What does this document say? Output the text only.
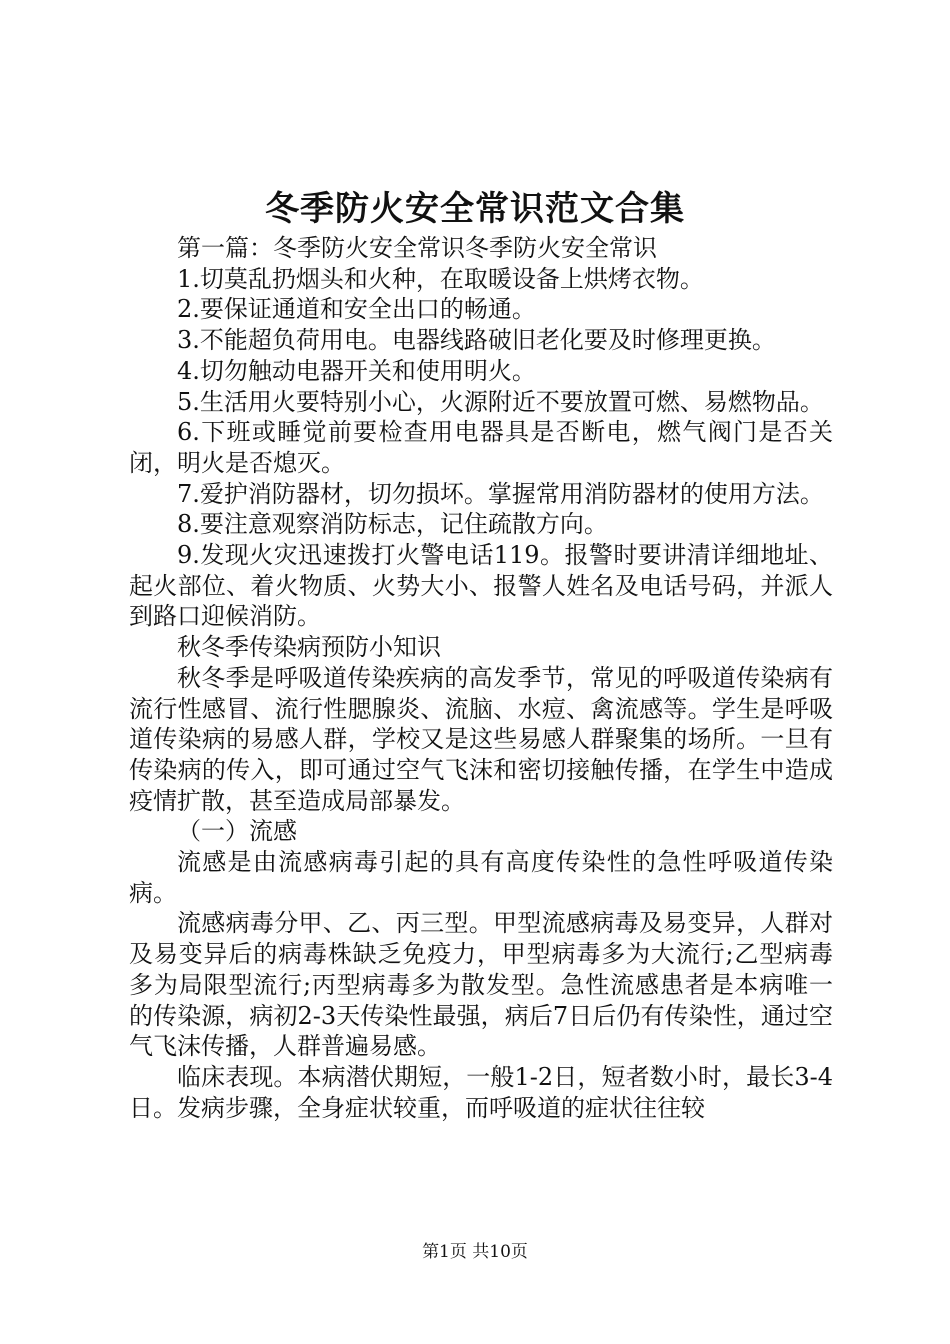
冬季防火安全常识范文合集

第一篇：冬季防火安全常识冬季防火安全常识

1.切莫乱扔烟头和火种，在取暖设备上烘烤衣物。

2.要保证通道和安全出口的畅通。

3.不能超负荷用电。电器线路破旧老化要及时修理更换。

4.切勿触动电器开关和使用明火。

5.生活用火要特别小心，火源附近不要放置可燃、易燃物品。

6.下班或睡觉前要检查用电器具是否断电，燃气阀门是否关闭，明火是否熄灭。

7.爱护消防器材，切勿损坏。掌握常用消防器材的使用方法。

8.要注意观察消防标志，记住疏散方向。

9.发现火灾迅速拨打火警电话119。报警时要讲清详细地址、起火部位、着火物质、火势大小、报警人姓名及电话号码，并派人到路口迎候消防。

秋冬季传染病预防小知识

秋冬季是呼吸道传染疾病的高发季节，常见的呼吸道传染病有流行性感冒、流行性腮腺炎、流脑、水痘、禽流感等。学生是呼吸道传染病的易感人群，学校又是这些易感人群聚集的场所。一旦有传染病的传入，即可通过空气飞沫和密切接触传播，在学生中造成疫情扩散，甚至造成局部暴发。

（一）流感

流感是由流感病毒引起的具有高度传染性的急性呼吸道传染病。

流感病毒分甲、乙、丙三型。甲型流感病毒及易变异，人群对及易变异后的病毒株缺乏免疫力，甲型病毒多为大流行;乙型病毒多为局限型流行;丙型病毒多为散发型。急性流感患者是本病唯一的传染源，病初2-3天传染性最强，病后7日后仍有传染性，通过空气飞沫传播，人群普遍易感。

临床表现。本病潜伏期短，一般1-2日，短者数小时，最长3-4日。发病步骤，全身症状较重，而呼吸道的症状往往较

第1页 共10页
